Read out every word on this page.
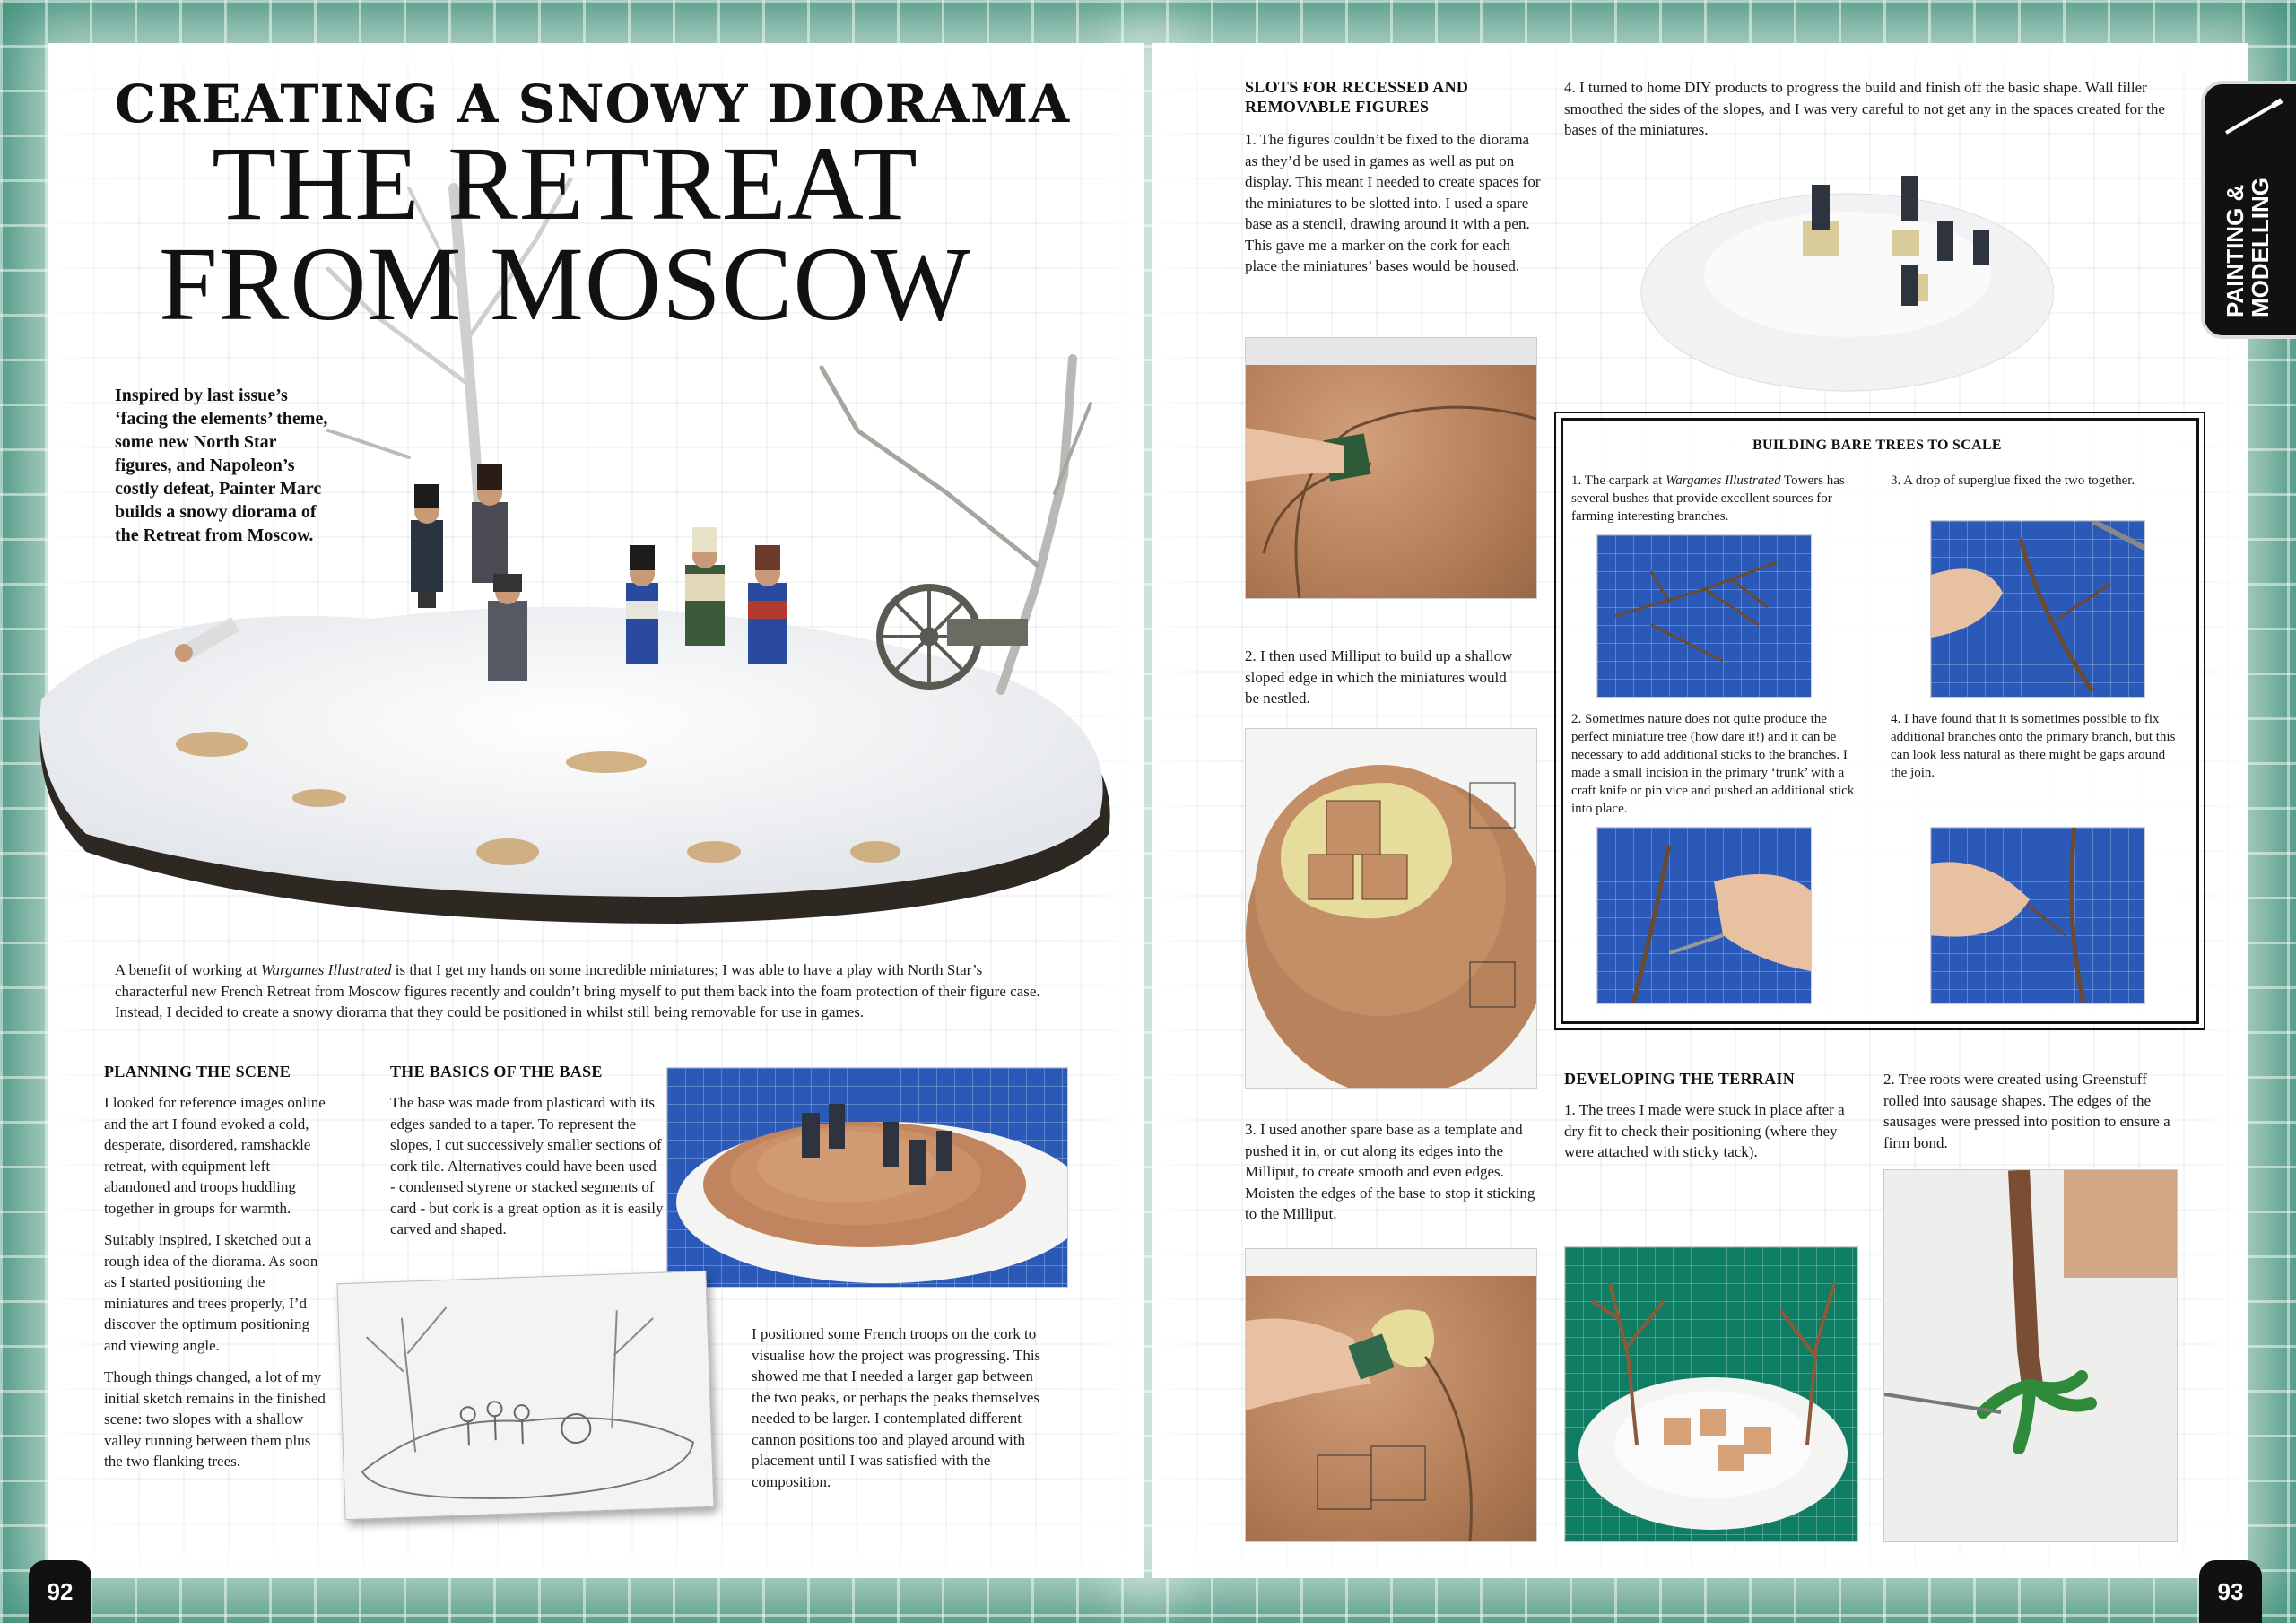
CREATING A SNOWY DIORAMA
THE RETREAT
FROM MOSCOW
Inspired by last issue’s ‘facing the elements’ theme, some new North Star figures, and Napoleon’s costly defeat, Painter Marc builds a snowy diorama of the Retreat from Moscow.
A benefit of working at Wargames Illustrated is that I get my hands on some incredible miniatures; I was able to have a play with North Star’s characterful new French Retreat from Moscow figures recently and couldn’t bring myself to put them back into the foam protection of their figure case. Instead, I decided to create a snowy diorama that they could be positioned in whilst still being removable for use in games.
PLANNING THE SCENE

I looked for reference images online and the art I found evoked a cold, desperate, disordered, ramshackle retreat, with equipment left abandoned and troops huddling together in groups for warmth.

Suitably inspired, I sketched out a rough idea of the diorama. As soon as I started positioning the miniatures and trees properly, I’d discover the optimum positioning and viewing angle.

Though things changed, a lot of my initial sketch remains in the finished scene: two slopes with a shallow valley running between them plus the two flanking trees.

THE BASICS OF THE BASE
The base was made from plasticard with its edges sanded to a taper. To represent the slopes, I cut successively smaller sections of cork tile. Alternatives could have been used - condensed styrene or stacked segments of card - but cork is a great option as it is easily carved and shaped.
I positioned some French troops on the cork to visualise how the project was progressing. This showed me that I needed a larger gap between the two peaks, or perhaps the peaks themselves needed to be larger. I contemplated different cannon positions too and played around with placement until I was satisfied with the composition.
92
SLOTS FOR RECESSED AND REMOVABLE FIGURES
1. The figures couldn’t be fixed to the diorama as they’d be used in games as well as put on display. This meant I needed to create spaces for the miniatures to be slotted into. I used a spare base as a stencil, drawing around it with a pen. This gave me a marker on the cork for each place the miniatures’ bases would be housed.
2. I then used Milliput to build up a shallow sloped edge in which the miniatures would be nestled.
3. I used another spare base as a template and pushed it in, or cut along its edges into the Milliput, to create smooth and even edges. Moisten the edges of the base to stop it sticking to the Milliput.
4. I turned to home DIY products to progress the build and finish off the basic shape. Wall filler smoothed the sides of the slopes, and I was very careful to not get any in the spaces created for the bases of the miniatures.
BUILDING BARE TREES TO SCALE
1. The carpark at Wargames Illustrated Towers has several bushes that provide excellent sources for farming interesting branches.
3. A drop of superglue fixed the two together.
2. Sometimes nature does not quite produce the perfect miniature tree (how dare it!) and it can be necessary to add additional sticks to the branches. I made a small incision in the primary ‘trunk’ with a craft knife or pin vice and pushed an additional stick into place.
4. I have found that it is sometimes possible to fix additional branches onto the primary branch, but this can look less natural as there might be gaps around the join.
DEVELOPING THE TERRAIN
1. The trees I made were stuck in place after a dry fit to check their positioning (where they were attached with sticky tack).
2. Tree roots were created using Greenstuff rolled into sausage shapes. The edges of the sausages were pressed into position to ensure a firm bond.
PAINTING & MODELLING
93
